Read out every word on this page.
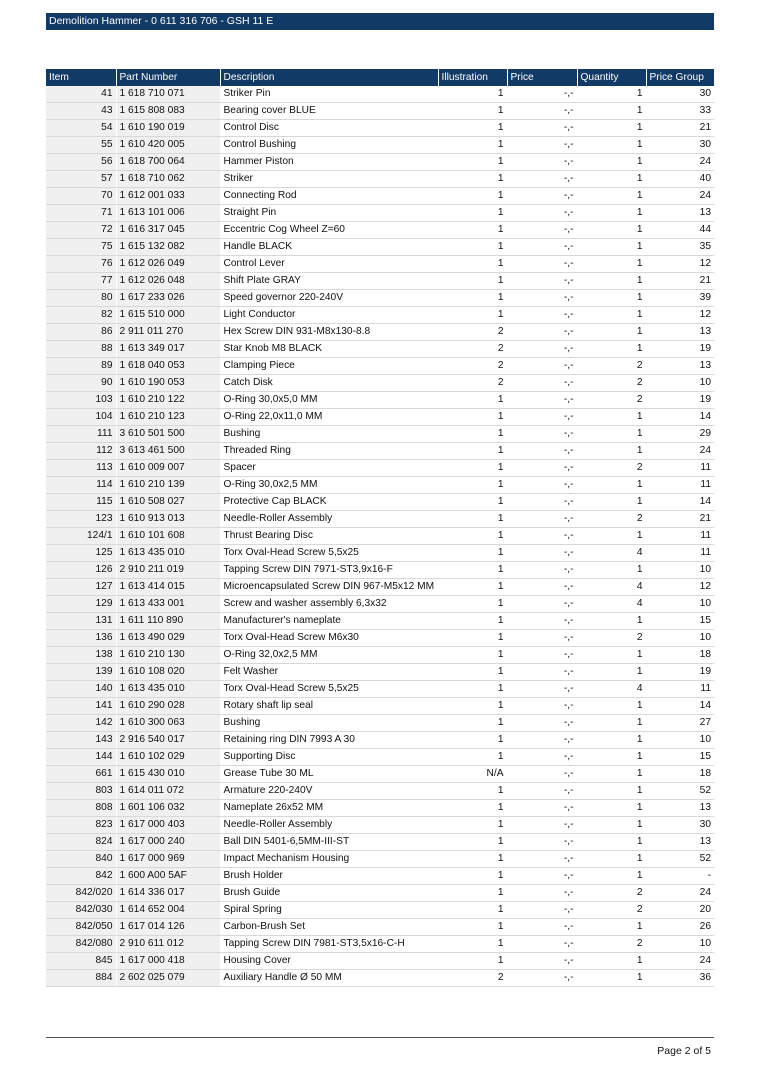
Demolition Hammer - 0 611 316 706 - GSH 11 E
Item	Part Number	Description	Illustration	Price	Quantity	Price Group
41	1 618 710 071	Striker Pin	1	-,-	1	30
43	1 615 808 083	Bearing cover BLUE	1	-,-	1	33
54	1 610 190 019	Control Disc	1	-,-	1	21
55	1 610 420 005	Control Bushing	1	-,-	1	30
56	1 618 700 064	Hammer Piston	1	-,-	1	24
57	1 618 710 062	Striker	1	-,-	1	40
70	1 612 001 033	Connecting Rod	1	-,-	1	24
71	1 613 101 006	Straight Pin	1	-,-	1	13
72	1 616 317 045	Eccentric Cog Wheel Z=60	1	-,-	1	44
75	1 615 132 082	Handle BLACK	1	-,-	1	35
76	1 612 026 049	Control Lever	1	-,-	1	12
77	1 612 026 048	Shift Plate GRAY	1	-,-	1	21
80	1 617 233 026	Speed governor 220-240V	1	-,-	1	39
82	1 615 510 000	Light Conductor	1	-,-	1	12
86	2 911 011 270	Hex Screw DIN 931-M8x130-8.8	2	-,-	1	13
88	1 613 349 017	Star Knob M8 BLACK	2	-,-	1	19
89	1 618 040 053	Clamping Piece	2	-,-	2	13
90	1 610 190 053	Catch Disk	2	-,-	2	10
103	1 610 210 122	O-Ring 30,0x5,0 MM	1	-,-	2	19
104	1 610 210 123	O-Ring 22,0x11,0 MM	1	-,-	1	14
111	3 610 501 500	Bushing	1	-,-	1	29
112	3 613 461 500	Threaded Ring	1	-,-	1	24
113	1 610 009 007	Spacer	1	-,-	2	11
114	1 610 210 139	O-Ring 30,0x2,5 MM	1	-,-	1	11
115	1 610 508 027	Protective Cap BLACK	1	-,-	1	14
123	1 610 913 013	Needle-Roller Assembly	1	-,-	2	21
124/1	1 610 101 608	Thrust Bearing Disc	1	-,-	1	11
125	1 613 435 010	Torx Oval-Head Screw 5,5x25	1	-,-	4	11
126	2 910 211 019	Tapping Screw DIN 7971-ST3,9x16-F	1	-,-	1	10
127	1 613 414 015	Microencapsulated Screw DIN 967-M5x12 MM	1	-,-	4	12
129	1 613 433 001	Screw and washer assembly 6,3x32	1	-,-	4	10
131	1 611 110 890	Manufacturer's nameplate	1	-,-	1	15
136	1 613 490 029	Torx Oval-Head Screw M6x30	1	-,-	2	10
138	1 610 210 130	O-Ring 32,0x2,5 MM	1	-,-	1	18
139	1 610 108 020	Felt Washer	1	-,-	1	19
140	1 613 435 010	Torx Oval-Head Screw 5,5x25	1	-,-	4	11
141	1 610 290 028	Rotary shaft lip seal	1	-,-	1	14
142	1 610 300 063	Bushing	1	-,-	1	27
143	2 916 540 017	Retaining ring DIN 7993 A 30	1	-,-	1	10
144	1 610 102 029	Supporting Disc	1	-,-	1	15
661	1 615 430 010	Grease Tube 30 ML	N/A	-,-	1	18
803	1 614 011 072	Armature 220-240V	1	-,-	1	52
808	1 601 106 032	Nameplate 26x52 MM	1	-,-	1	13
823	1 617 000 403	Needle-Roller Assembly	1	-,-	1	30
824	1 617 000 240	Ball DIN 5401-6,5MM-III-ST	1	-,-	1	13
840	1 617 000 969	Impact Mechanism Housing	1	-,-	1	52
842	1 600 A00 5AF	Brush Holder	1	-,-	1	-
842/020	1 614 336 017	Brush Guide	1	-,-	2	24
842/030	1 614 652 004	Spiral Spring	1	-,-	2	20
842/050	1 617 014 126	Carbon-Brush Set	1	-,-	1	26
842/080	2 910 611 012	Tapping Screw DIN 7981-ST3,5x16-C-H	1	-,-	2	10
845	1 617 000 418	Housing Cover	1	-,-	1	24
884	2 602 025 079	Auxiliary Handle Ø 50 MM	2	-,-	1	36
Page 2 of 5
